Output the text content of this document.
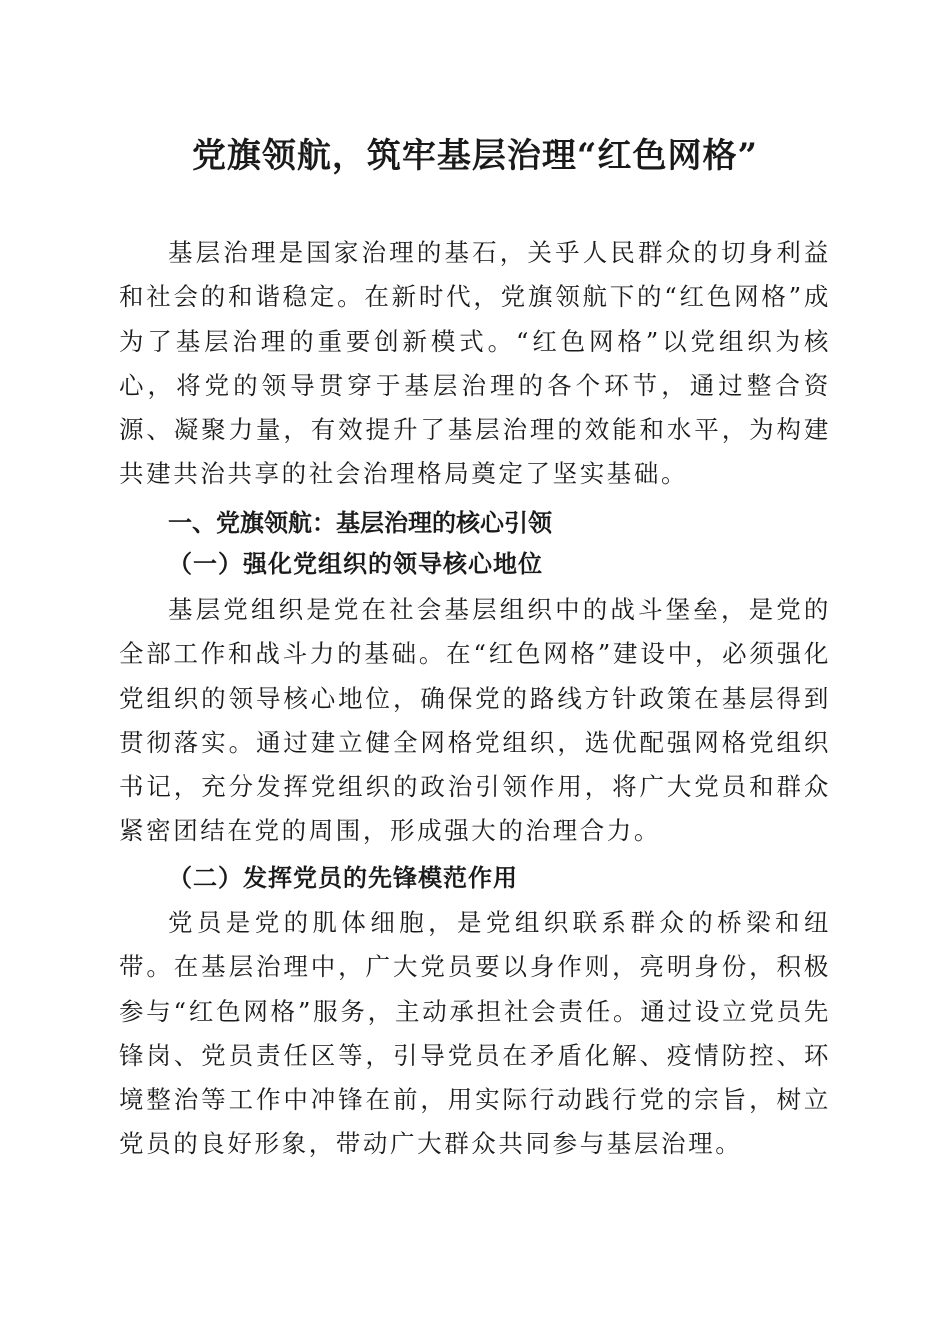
党旗领航，筑牢基层治理“红色网格”

基层治理是国家治理的基石，关乎人民群众的切身利益和社会的和谐稳定。在新时代，党旗领航下的“红色网格”成为了基层治理的重要创新模式。“红色网格”以党组织为核心，将党的领导贯穿于基层治理的各个环节，通过整合资源、凝聚力量，有效提升了基层治理的效能和水平，为构建共建共治共享的社会治理格局奠定了坚实基础。

一、党旗领航：基层治理的核心引领
（一）强化党组织的领导核心地位

基层党组织是党在社会基层组织中的战斗堡垒，是党的全部工作和战斗力的基础。在“红色网格”建设中，必须强化党组织的领导核心地位，确保党的路线方针政策在基层得到贯彻落实。通过建立健全网格党组织，选优配强网格党组织书记，充分发挥党组织的政治引领作用，将广大党员和群众紧密团结在党的周围，形成强大的治理合力。

（二）发挥党员的先锋模范作用

党员是党的肌体细胞，是党组织联系群众的桥梁和纽带。在基层治理中，广大党员要以身作则，亮明身份，积极参与“红色网格”服务，主动承担社会责任。通过设立党员先锋岗、党员责任区等，引导党员在矛盾化解、疫情防控、环境整治等工作中冲锋在前，用实际行动践行党的宗旨，树立党员的良好形象，带动广大群众共同参与基层治理。
